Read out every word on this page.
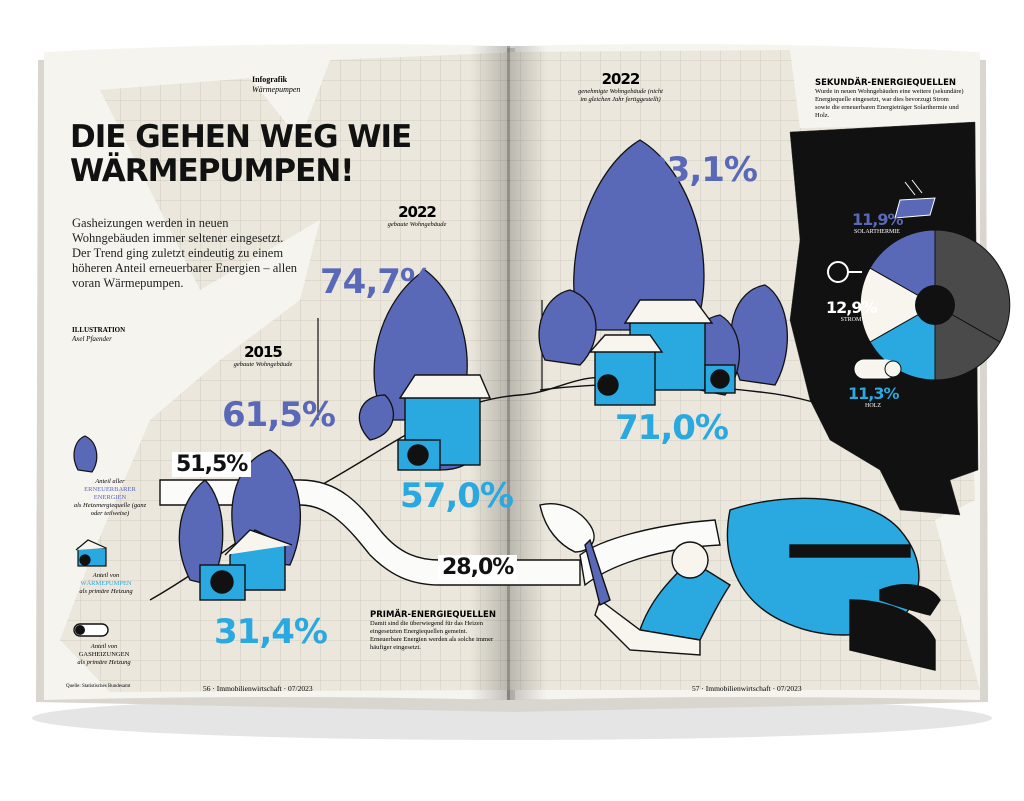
Infografik
Wärmepumpen
DIE GEHEN WEG WIE
WÄRMEPUMPEN!
Gasheizungen werden in neuen Wohngebäuden immer seltener eingesetzt. Der Trend ging zuletzt eindeutig zu einem höheren Anteil erneuerbarer Energien – allen voran Wärmepumpen.
ILLUSTRATION
Axel Pfaender
2015
gebaute Wohngebäude
2022
gebaute Wohngebäude
61,5%
74,7%
83,1%
31,4%
57,0%
71,0%
51,5%
28,0%
Anteil aller
ERNEUERBARER ENERGIEN
als Heizenergiequelle (ganz oder teilweise)
Anteil von
WÄRMEPUMPEN
als primäre Heizung
Anteil von
GASHEIZUNGEN
als primäre Heizung
Quelle: Statistisches Bundesamt	56 · Immobilienwirtschaft · 07/2023
2022
genehmigte Wohngebäude (nicht im gleichen Jahr fertiggestellt)
SEKUNDÄR-ENERGIEQUELLEN
Wurde in neuen Wohngebäuden eine weitere (sekundäre) Energiequelle eingesetzt, war dies bevorzugt Strom sowie die erneuerbaren Energieträger Solarthermie und Holz.
11,9%
SOLARTHERMIE
12,9%
STROM
11,3%
HOLZ
PRIMÄR-ENERGIEQUELLEN
Damit sind die überwiegend für das Heizen eingesetzten Energiequellen gemeint. Erneuerbare Energien werden als solche immer häufiger eingesetzt.
57 · Immobilienwirtschaft · 07/2023
